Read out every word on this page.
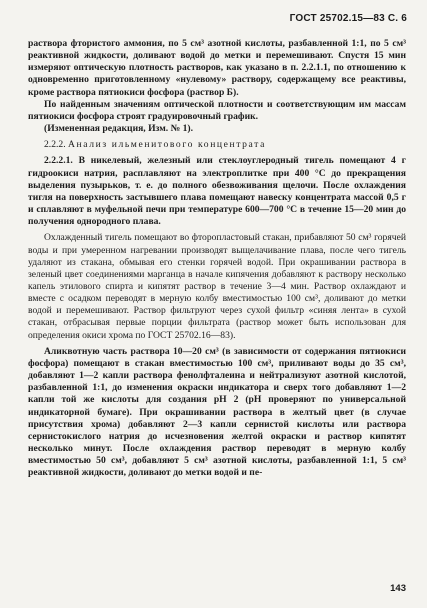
ГОСТ 25702.15—83 С. 6

раствора фтористого аммония, по 5 см³ азотной кислоты, разбавленной 1:1, по 5 см³ реактивной жидкости, доливают водой до метки и перемешивают. Спустя 15 мин измеряют оптическую плотность растворов, как указано в п. 2.2.1.1, по отношению к одновременно приготовленному «нулевому» раствору, содержащему все реактивы, кроме раствора пятиокиси фосфора (раствор Б).

По найденным значениям оптической плотности и соответствующим им массам пятиокиси фосфора строят градуировочный график.

(Измененная редакция, Изм. № 1).

2.2.2. Анализ ильменитового концентрата

2.2.2.1. В никелевый, железный или стеклоуглеродный тигель помещают 4 г гидроокиси натрия, расплавляют на электроплитке при 400 °С до прекращения выделения пузырьков, т. е. до полного обезвоживания щелочи. После охлаждения тигля на поверхность застывшего плава помещают навеску концентрата массой 0,5 г и сплавляют в муфельной печи при температуре 600—700 °С в течение 15—20 мин до получения однородного плава.

Охлажденный тигель помещают во фторопластовый стакан, прибавляют 50 см³ горячей воды и при умеренном нагревании производят выщелачивание плава, после чего тигель удаляют из стакана, обмывая его стенки горячей водой. При окрашивании раствора в зеленый цвет соединениями марганца в начале кипячения добавляют к раствору несколько капель этилового спирта и кипятят раствор в течение 3—4 мин. Раствор охлаждают и вместе с осадком переводят в мерную колбу вместимостью 100 см³, доливают до метки водой и перемешивают. Раствор фильтруют через сухой фильтр «синяя лента» в сухой стакан, отбрасывая первые порции фильтрата (раствор может быть использован для определения окиси хрома по ГОСТ 25702.16—83).

Аликвотную часть раствора 10—20 см³ (в зависимости от содержания пятиокиси фосфора) помещают в стакан вместимостью 100 см³, приливают воды до 35 см³, добавляют 1—2 капли раствора фенолфталеина и нейтрализуют азотной кислотой, разбавленной 1:1, до изменения окраски индикатора и сверх того добавляют 1—2 капли той же кислоты для создания pH 2 (pH проверяют по универсальной индикаторной бумаге). При окрашивании раствора в желтый цвет (в случае присутствия хрома) добавляют 2—3 капли сернистой кислоты или раствора сернистокислого натрия до исчезновения желтой окраски и раствор кипятят несколько минут. После охлаждения раствор переводят в мерную колбу вместимостью 50 см³, добавляют 5 см³ азотной кислоты, разбавленной 1:1, 5 см³ реактивной жидкости, доливают до метки водой и пе-

143
